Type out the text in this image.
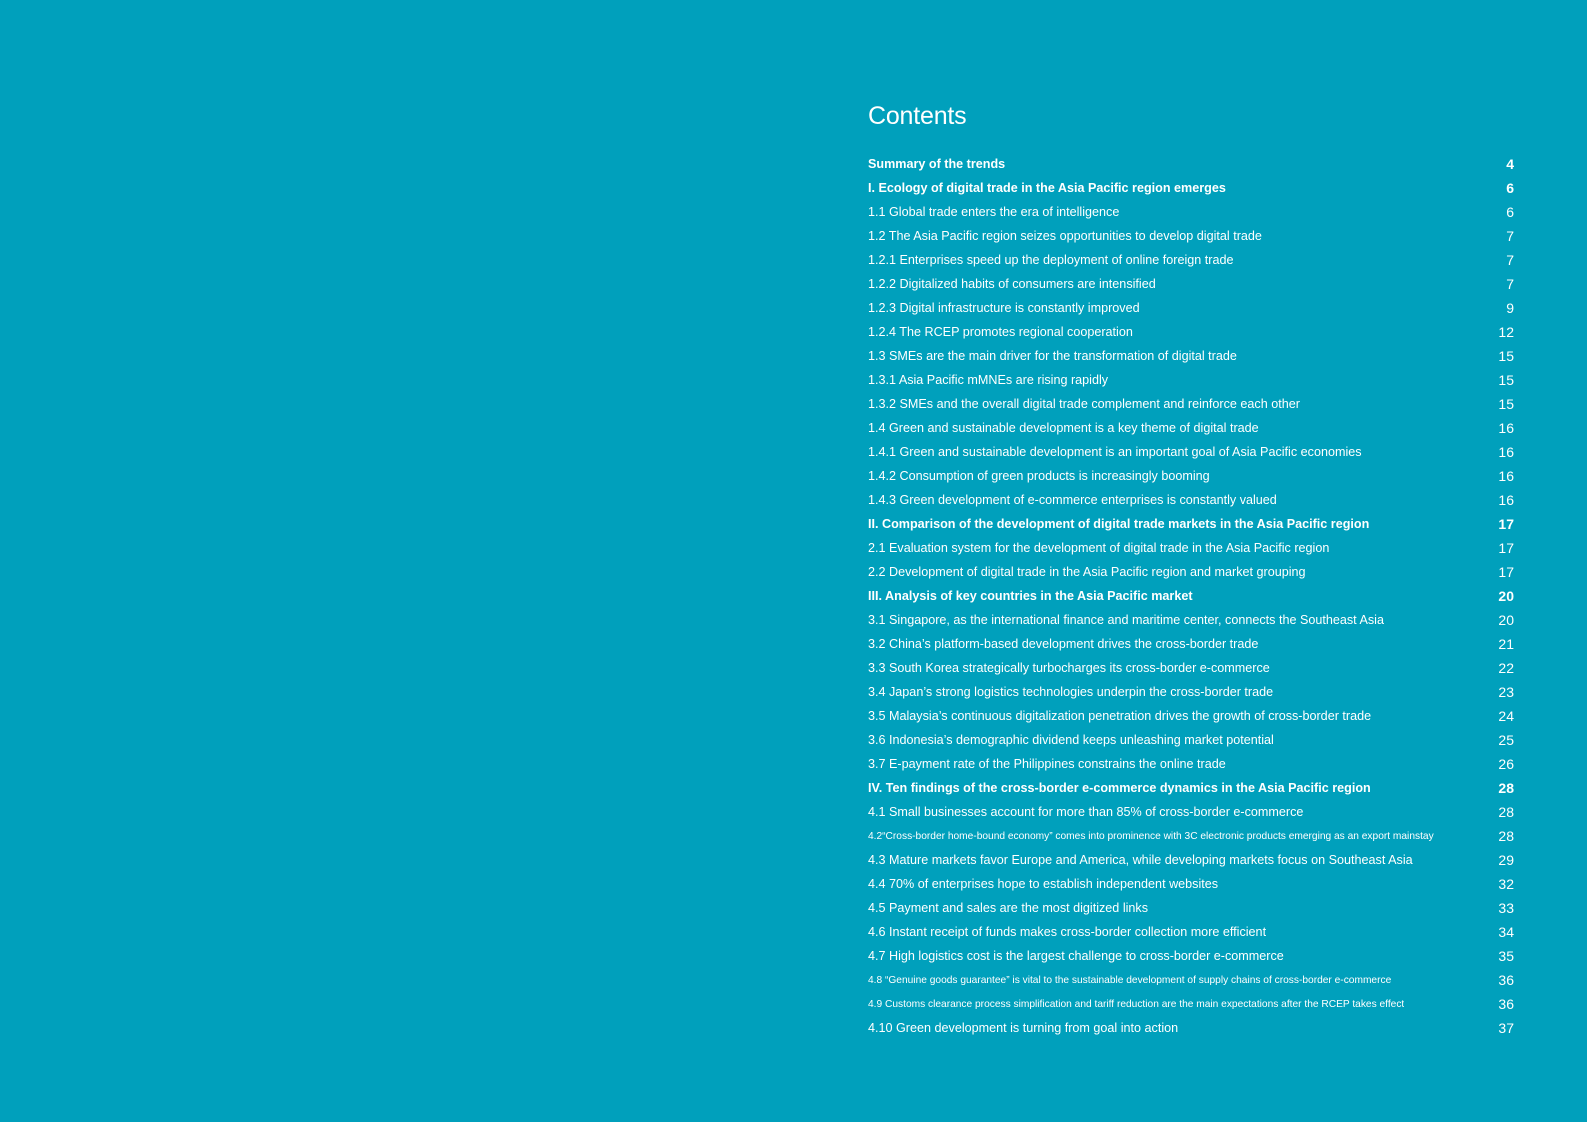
Contents
Summary of the trends	4
I. Ecology of digital trade in the Asia Pacific region emerges	6
1.1 Global trade enters the era of intelligence	6
1.2 The Asia Pacific region seizes opportunities to develop digital trade	7
1.2.1 Enterprises speed up the deployment of online foreign trade	7
1.2.2 Digitalized habits of consumers are intensified	7
1.2.3 Digital infrastructure is constantly improved	9
1.2.4 The RCEP promotes regional cooperation	12
1.3 SMEs are the main driver for the transformation of digital trade	15
1.3.1 Asia Pacific mMNEs are rising rapidly	15
1.3.2 SMEs and the overall digital trade complement and reinforce each other	15
1.4 Green and sustainable development is a key theme of digital trade	16
1.4.1 Green and sustainable development is an important goal of Asia Pacific economies	16
1.4.2 Consumption of green products is increasingly booming	16
1.4.3 Green development of e-commerce enterprises is constantly valued	16
II. Comparison of the development of digital trade markets in the Asia Pacific region	17
2.1 Evaluation system for the development of digital trade in the Asia Pacific region	17
2.2 Development of digital trade in the Asia Pacific region and market grouping	17
III. Analysis of key countries in the Asia Pacific market	20
3.1 Singapore, as the international finance and maritime center, connects the Southeast Asia	20
3.2 China’s platform-based development drives the cross-border trade	21
3.3 South Korea strategically turbocharges its cross-border e-commerce	22
3.4 Japan’s strong logistics technologies underpin the cross-border trade	23
3.5 Malaysia’s continuous digitalization penetration drives the growth of cross-border trade	24
3.6 Indonesia’s demographic dividend keeps unleashing market potential	25
3.7 E-payment rate of the Philippines constrains the online trade	26
IV. Ten findings of the cross-border e-commerce dynamics in the Asia Pacific region	28
4.1 Small businesses account for more than 85% of cross-border e-commerce	28
4.2“Cross-border home-bound economy” comes into prominence with 3C electronic products emerging as an export mainstay	28
4.3 Mature markets favor Europe and America, while developing markets focus on Southeast Asia	29
4.4 70% of enterprises hope to establish independent websites	32
4.5 Payment and sales are the most digitized links	33
4.6 Instant receipt of funds makes cross-border collection more efficient	34
4.7 High logistics cost is the largest challenge to cross-border e-commerce	35
4.8 “Genuine goods guarantee” is vital to the sustainable development of supply chains of cross-border e-commerce	36
4.9 Customs clearance process simplification and tariff reduction are the main expectations after the RCEP takes effect	36
4.10 Green development is turning from goal into action	37
